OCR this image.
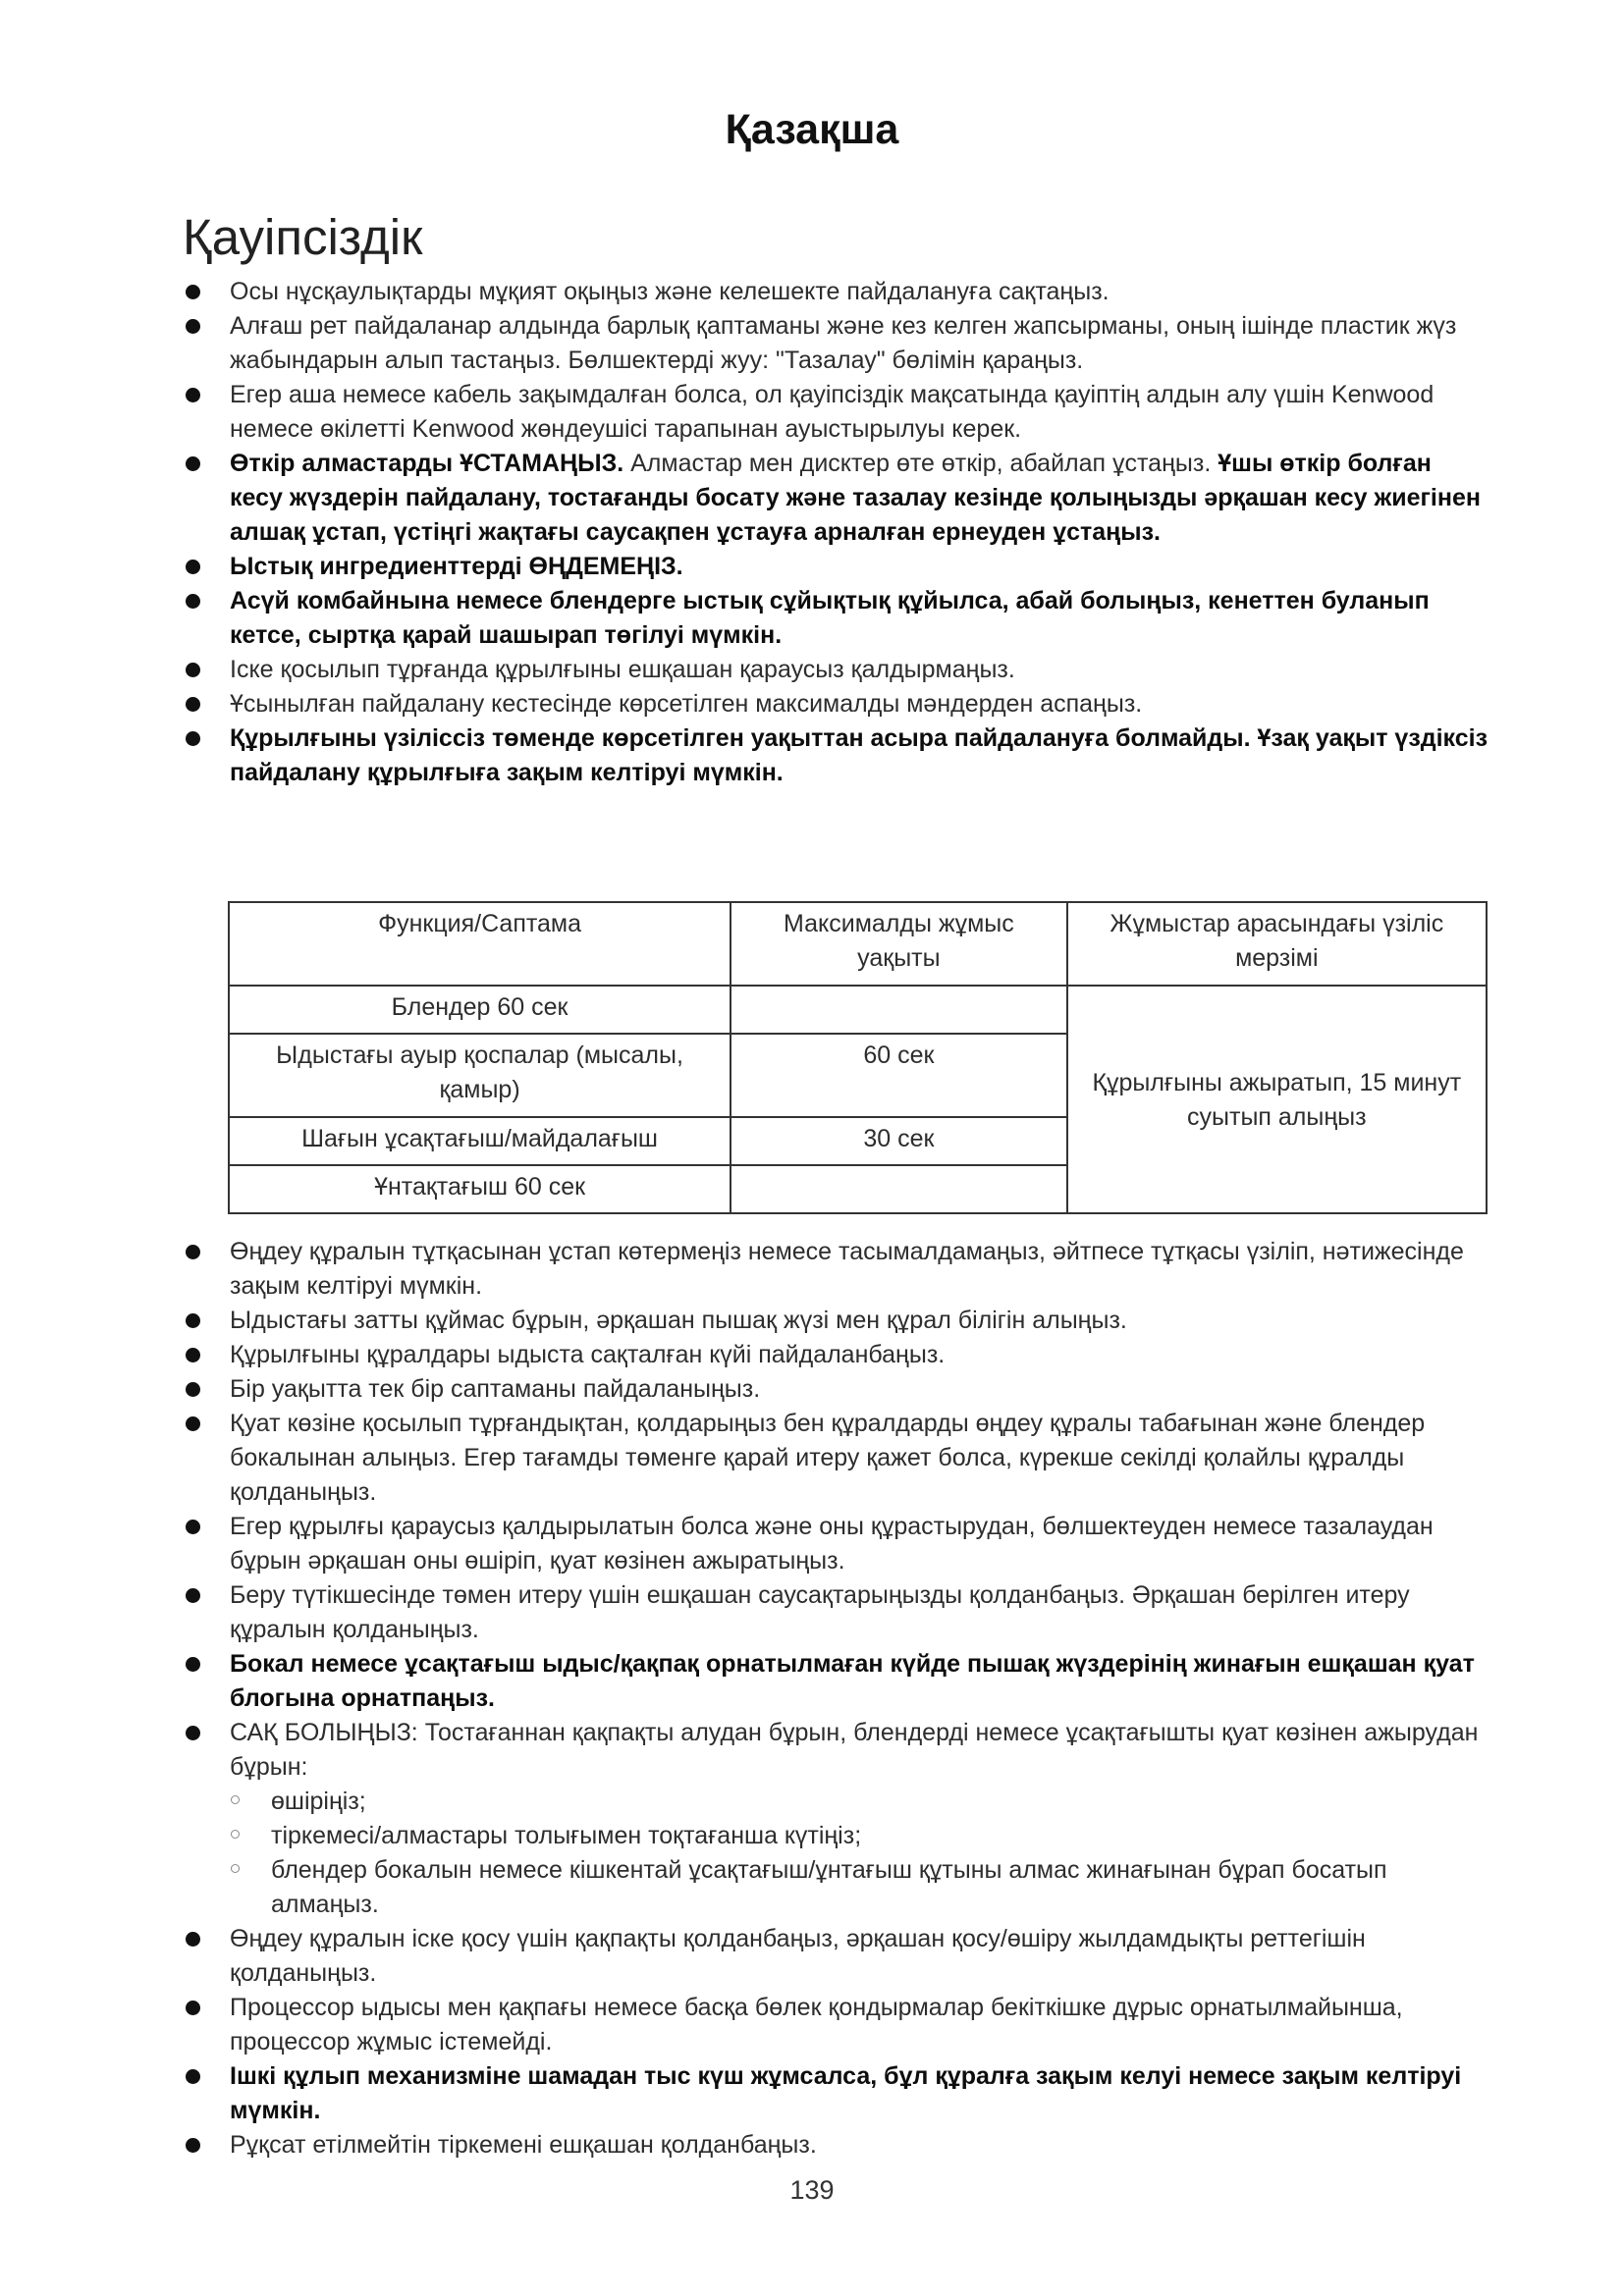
Қазақша
Қауіпсіздік
Осы нұсқаулықтарды мұқият оқыңыз және келешекте пайдалануға сақтаңыз.
Алғаш рет пайдаланар алдында барлық қаптаманы және кез келген жапсырманы, оның ішінде пластик жүз жабындарын алып тастаңыз. Бөлшектерді жуу: "Тазалау" бөлімін қараңыз.
Егер аша немесе кабель зақымдалған болса, ол қауіпсіздік мақсатында қауіптің алдын алу үшін Kenwood немесе өкілетті Kenwood жөндеушісі тарапынан ауыстырылуы керек.
Өткір алмастарды ҰСТАМАҢЫЗ. Алмастар мен дисктер өте өткір, абайлап ұстаңыз. Ұшы өткір болған кесу жүздерін пайдалану, тостағанды босату және тазалау кезінде қолыңызды әрқашан кесу жиегінен алшақ ұстап, үстіңгі жақтағы саусақпен ұстауға арналған ернеуден ұстаңыз.
Ыстық ингредиенттерді ӨҢДЕМЕҢІЗ.
Асүй комбайнына немесе блендерге ыстық сұйықтық құйылса, абай болыңыз, кенеттен буланып кетсе, сыртқа қарай шашырап төгілуі мүмкін.
Іске қосылып тұрғанда құрылғыны ешқашан қараусыз қалдырмаңыз.
Ұсынылған пайдалану кестесінде көрсетілген максималды мәндерден аспаңыз.
Құрылғыны үзіліссіз төменде көрсетілген уақыттан асыра пайдалануға болмайды. Ұзақ уақыт үздіксіз пайдалану құрылғыға зақым келтіруі мүмкін.
Функция/Саптама	Максималды жұмыс уақыты	Жұмыстар арасындағы үзіліс мерзімі
Блендер 60 сек		Құрылғыны ажыратып, 15 минут суытып алыңыз
Ыдыстағы ауыр қоспалар (мысалы, қамыр)	60 сек	
Шағын ұсақтағыш/майдалағыш	30 сек	
Ұнтақтағыш 60 сек		
Өңдеу құралын тұтқасынан ұстап көтермеңіз немесе тасымалдамаңыз, әйтпесе тұтқасы үзіліп, нәтижесінде зақым келтіруі мүмкін.
Ыдыстағы затты құймас бұрын, әрқашан пышақ жүзі мен құрал білігін алыңыз.
Құрылғыны құралдары ыдыста сақталған күйі пайдаланбаңыз.
Бір уақытта тек бір саптаманы пайдаланыңыз.
Қуат көзіне қосылып тұрғандықтан, қолдарыңыз бен құралдарды өңдеу құралы табағынан және блендер бокалынан алыңыз. Егер тағамды төменге қарай итеру қажет болса, күрекше секілді қолайлы құралды қолданыңыз.
Егер құрылғы қараусыз қалдырылатын болса және оны құрастырудан, бөлшектеуден немесе тазалаудан бұрын әрқашан оны өшіріп, қуат көзінен ажыратыңыз.
Беру түтікшесінде төмен итеру үшін ешқашан саусақтарыңызды қолданбаңыз. Әрқашан берілген итеру құралын қолданыңыз.
Бокал немесе ұсақтағыш ыдыс/қақпақ орнатылмаған күйде пышақ жүздерінің жинағын ешқашан қуат блогына орнатпаңыз.
САҚ БОЛЫҢЫЗ: Тостағаннан қақпақты алудан бұрын, блендерді немесе ұсақтағышты қуат көзінен ажырудан бұрын:
өшіріңіз;
тіркемесі/алмастары толығымен тоқтағанша күтіңіз;
блендер бокалын немесе кішкентай ұсақтағыш/ұнтағыш құтыны алмас жинағынан бұрап босатып алмаңыз.
Өңдеу құралын іске қосу үшін қақпақты қолданбаңыз, әрқашан қосу/өшіру жылдамдықты реттегішін қолданыңыз.
Процессор ыдысы мен қақпағы немесе басқа бөлек қондырмалар бекіткішке дұрыс орнатылмайынша, процессор жұмыс істемейді.
Ішкі құлып механизміне шамадан тыс күш жұмсалса, бұл құралға зақым келуі немесе зақым келтіруі мүмкін.
Рұқсат етілмейтін тіркемені ешқашан қолданбаңыз.
139
